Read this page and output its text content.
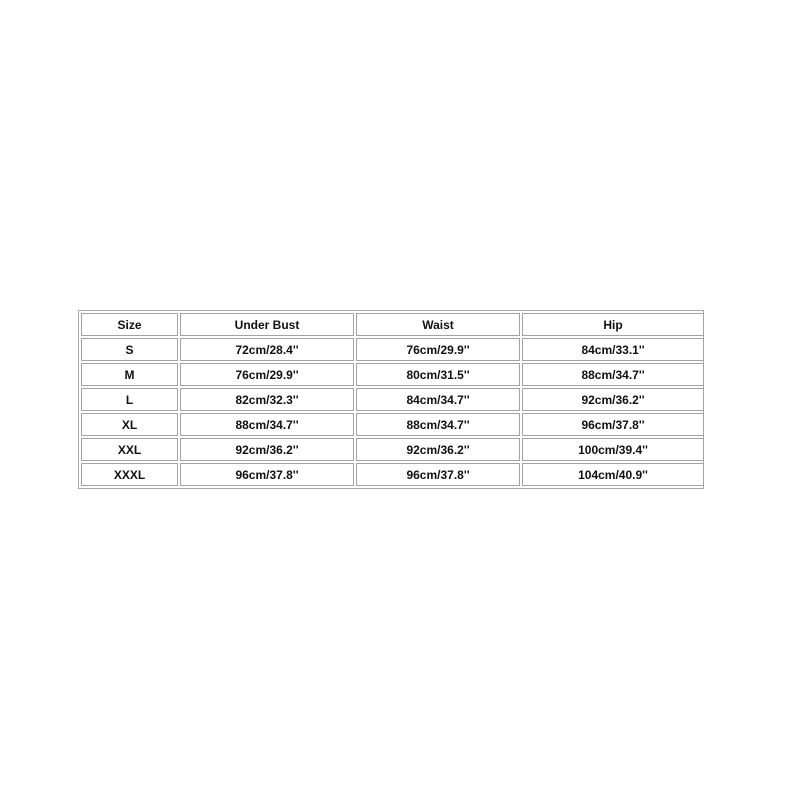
Size	Under Bust	Waist	Hip
S	72cm/28.4''	76cm/29.9''	84cm/33.1''
M	76cm/29.9''	80cm/31.5''	88cm/34.7''
L	82cm/32.3''	84cm/34.7''	92cm/36.2''
XL	88cm/34.7''	88cm/34.7''	96cm/37.8''
XXL	92cm/36.2''	92cm/36.2''	100cm/39.4''
XXXL	96cm/37.8''	96cm/37.8''	104cm/40.9''
